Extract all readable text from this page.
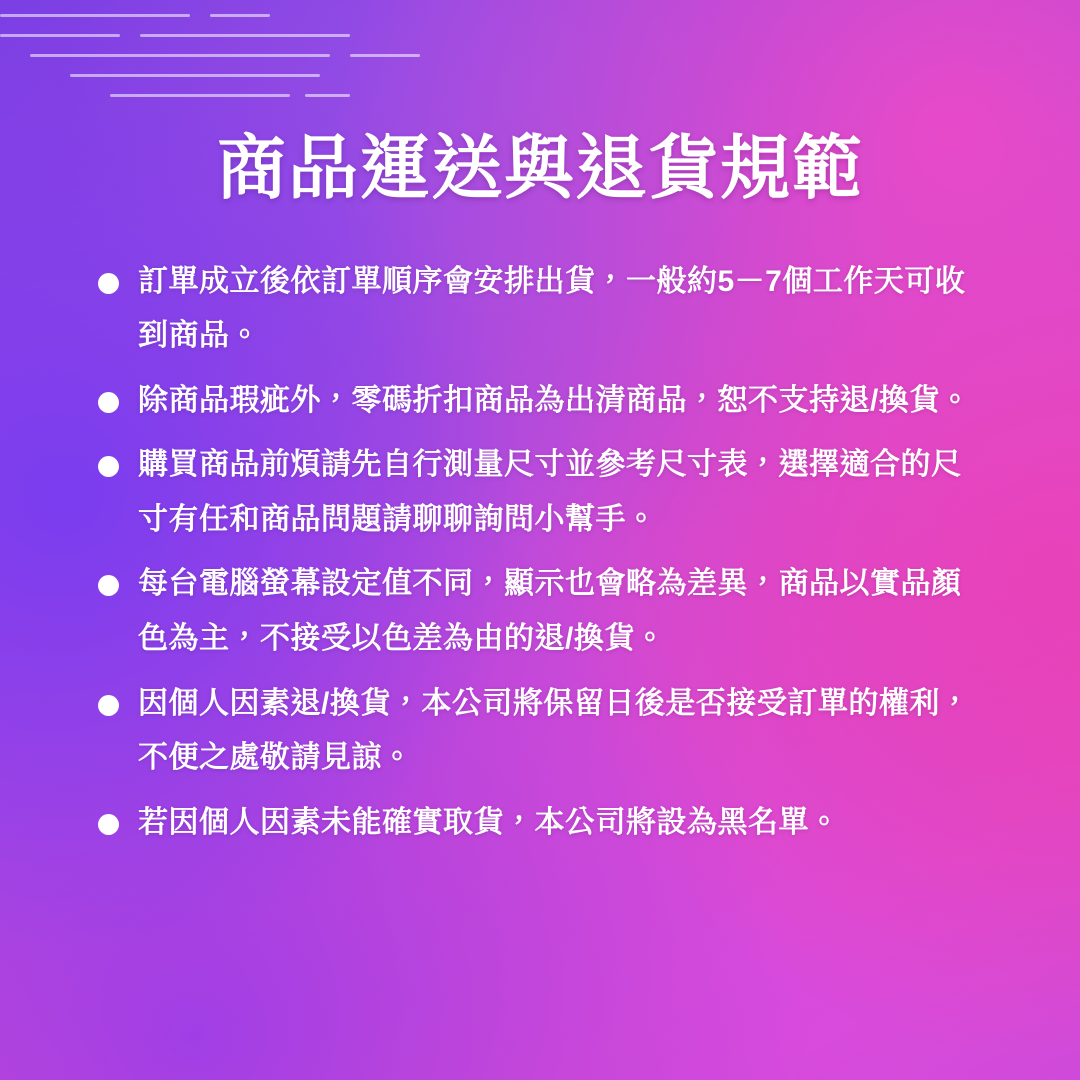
商品運送與退貨規範
訂單成立後依訂單順序會安排出貨，一般約5－7個工作天可收到商品。
除商品瑕疵外，零碼折扣商品為出清商品，恕不支持退/換貨。
購買商品前煩請先自行測量尺寸並參考尺寸表，選擇適合的尺寸有任和商品問題請聊聊詢問小幫手。
每台電腦螢幕設定值不同，顯示也會略為差異，商品以實品顏色為主，不接受以色差為由的退/換貨。
因個人因素退/換貨，本公司將保留日後是否接受訂單的權利，不便之處敬請見諒。
若因個人因素未能確實取貨，本公司將設為黑名單。
